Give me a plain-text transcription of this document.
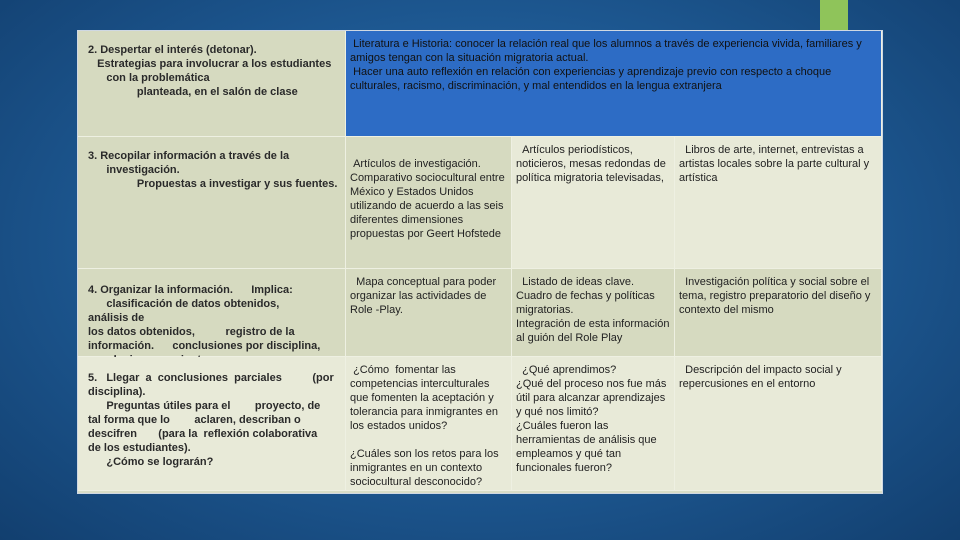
2. Despertar el interés (detonar).
Estrategias para involucrar a los estudiantes
con la problemática
planteada, en el salón de clase

Literatura e Historia: conocer la relación real que los alumnos a través de experiencia vivida, familiares y amigos tengan con la situación migratoria actual.
Hacer una auto reflexión en relación con experiencias y aprendizaje previo con respecto a choque culturales, racismo, discriminación, y mal entendidos en la lengua extranjera

3. Recopilar información a través de la
investigación.
Propuestas a investigar y sus fuentes.

Artículos de investigación.
Comparativo sociocultural entre México y Estados Unidos utilizando de acuerdo a las seis diferentes dimensiones propuestas por Geert Hofstede

Artículos periodísticos, noticieros, mesas redondas de política migratoria televisadas,

Libros de arte, internet, entrevistas a artistas locales sobre la parte cultural y artística

4. Organizar la información.      Implica:
clasificación de datos obtenidos,        análisis de
los datos obtenidos,          registro de la
información.      conclusiones por disciplina,

Mapa conceptual para poder organizar las actividades de Role -Play.

Listado de ideas clave.
Cuadro de fechas y políticas migratorias.
Integración de esta información al guión del Role Play

Investigación política y social sobre el tema, registro preparatorio del diseño y contexto del mismo

5.   Llegar  a  conclusiones  parciales          (por
disciplina).
Preguntas útiles para el        proyecto, de
tal forma que lo        aclaren, describan o
descifren       (para la  reflexión colaborativa
de los estudiantes).
¿Cómo se lograrán?

¿Cómo  fomentar las competencias interculturales que fomenten la aceptación y tolerancia para inmigrantes en los estados unidos?

¿Cuáles son los retos para los inmigrantes en un contexto sociocultural desconocido?

¿Qué aprendimos?
¿Qué del proceso nos fue más útil para alcanzar aprendizajes y qué nos limitó?
¿Cuáles fueron las herramientas de análisis que empleamos y qué tan funcionales fueron?

Descripción del impacto social y repercusiones en el entorno
